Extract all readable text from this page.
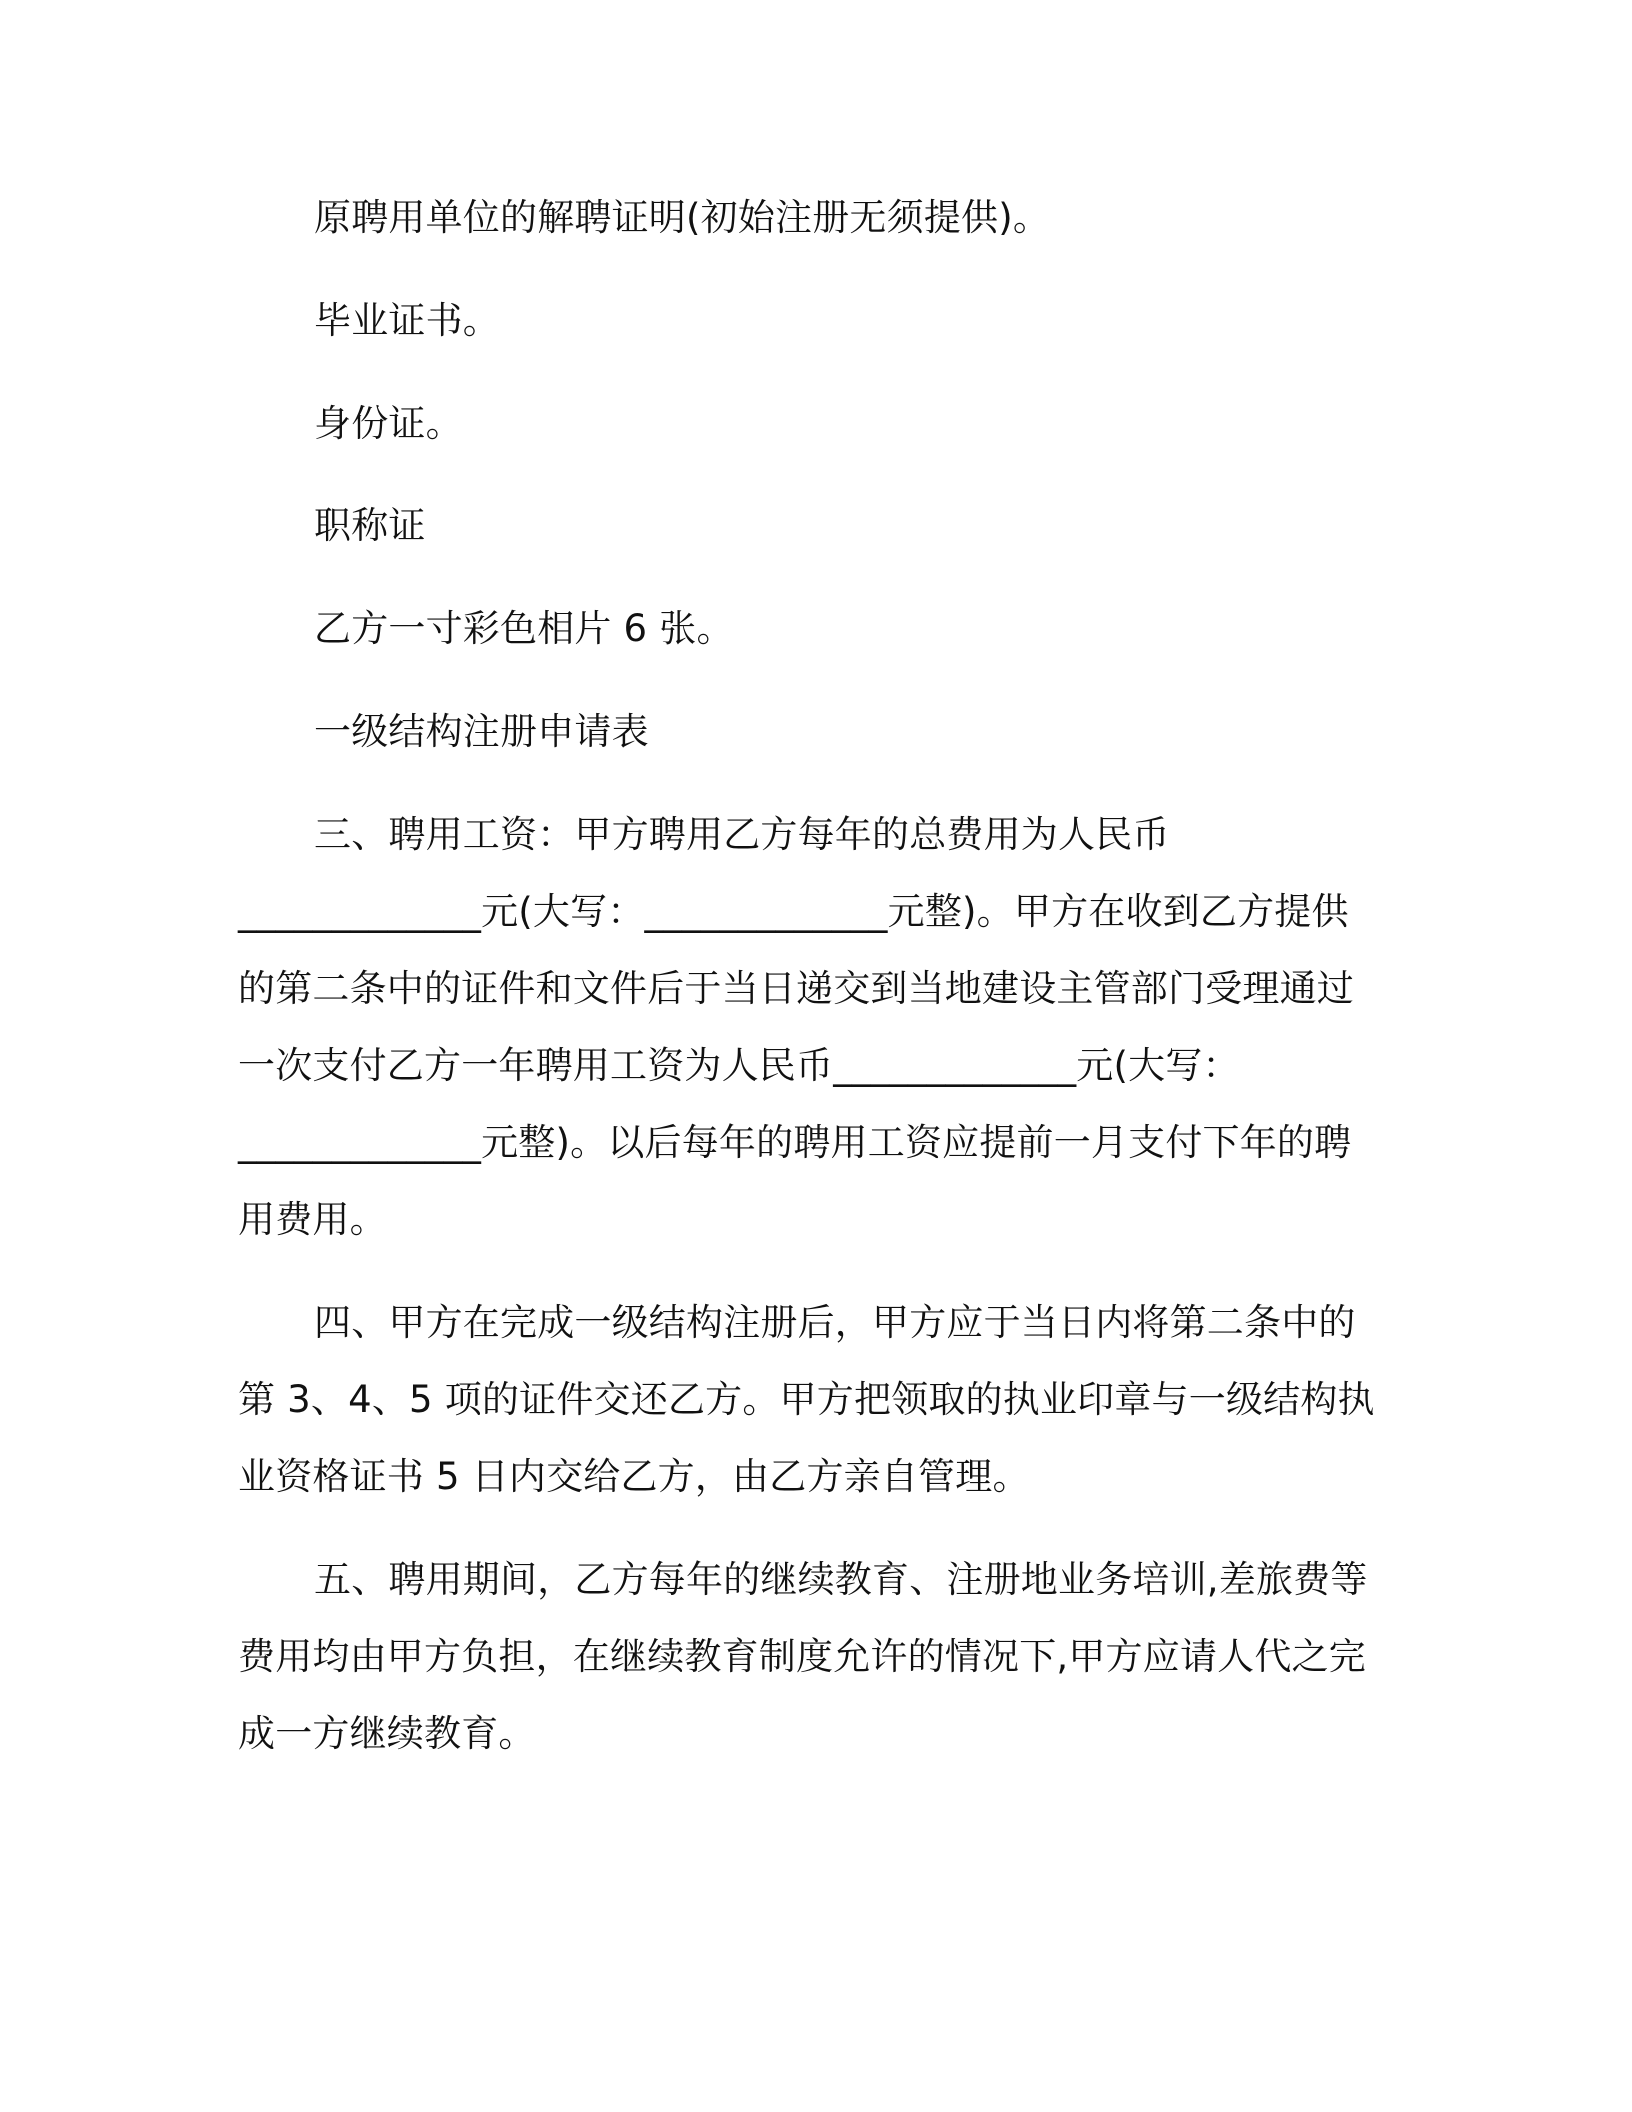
原聘用单位的解聘证明(初始注册无须提供)。
毕业证书。
身份证。
职称证
乙方一寸彩色相片 6 张。
一级结构注册申请表
三、聘用工资：甲方聘用乙方每年的总费用为人民币
_____________元(大写：_____________元整)。甲方在收到乙方提供
的第二条中的证件和文件后于当日递交到当地建设主管部门受理通过
一次支付乙方一年聘用工资为人民币_____________元(大写：
_____________元整)。以后每年的聘用工资应提前一月支付下年的聘
用费用。
四、甲方在完成一级结构注册后，甲方应于当日内将第二条中的
第 3、4、5 项的证件交还乙方。甲方把领取的执业印章与一级结构执
业资格证书 5 日内交给乙方，由乙方亲自管理。
五、聘用期间，乙方每年的继续教育、注册地业务培训,差旅费等
费用均由甲方负担，在继续教育制度允许的情况下,甲方应请人代之完
成一方继续教育。
